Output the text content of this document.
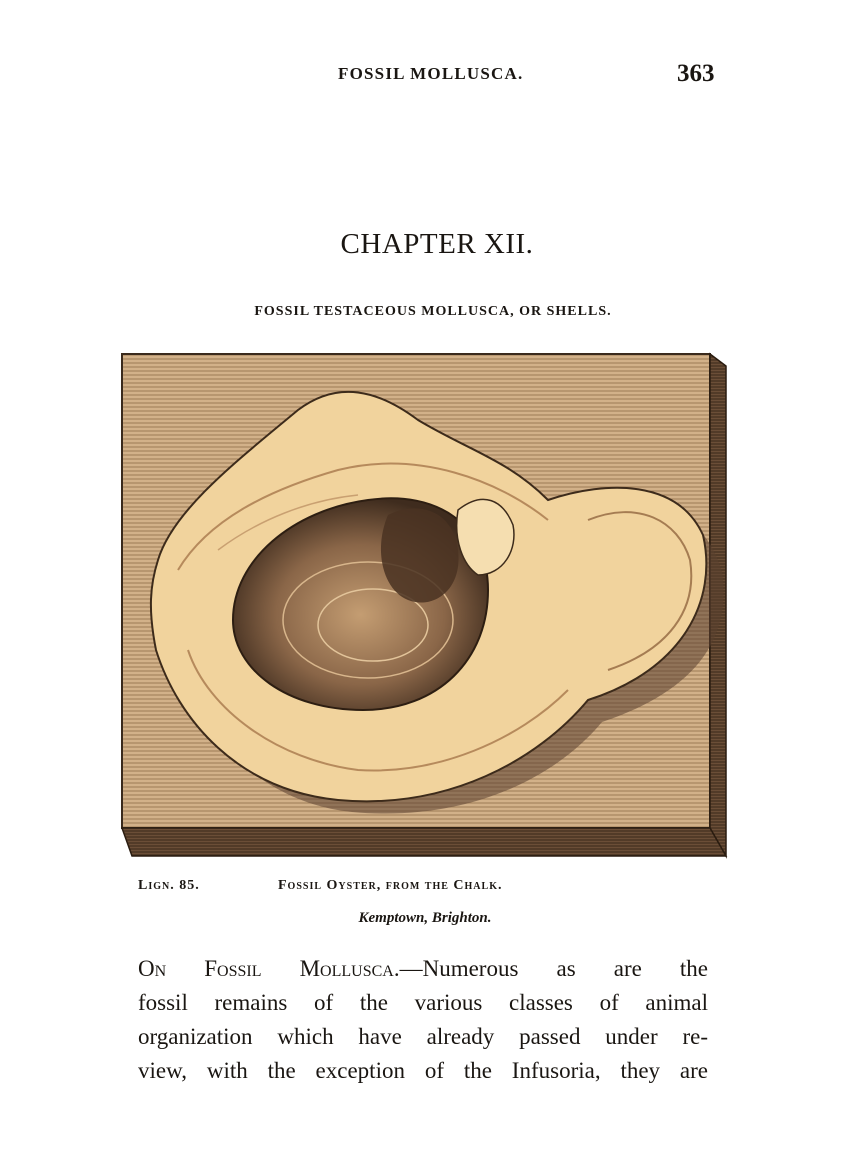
FOSSIL MOLLUSCA.	363
CHAPTER XII.
FOSSIL TESTACEOUS MOLLUSCA, OR SHELLS.
Lign. 85.	Fossil Oyster, from the Chalk.
Kemptown, Brighton.
On Fossil Mollusca.—Numerous as are the
fossil remains of the various classes of animal
organization which have already passed under re-
view, with the exception of the Infusoria, they are
